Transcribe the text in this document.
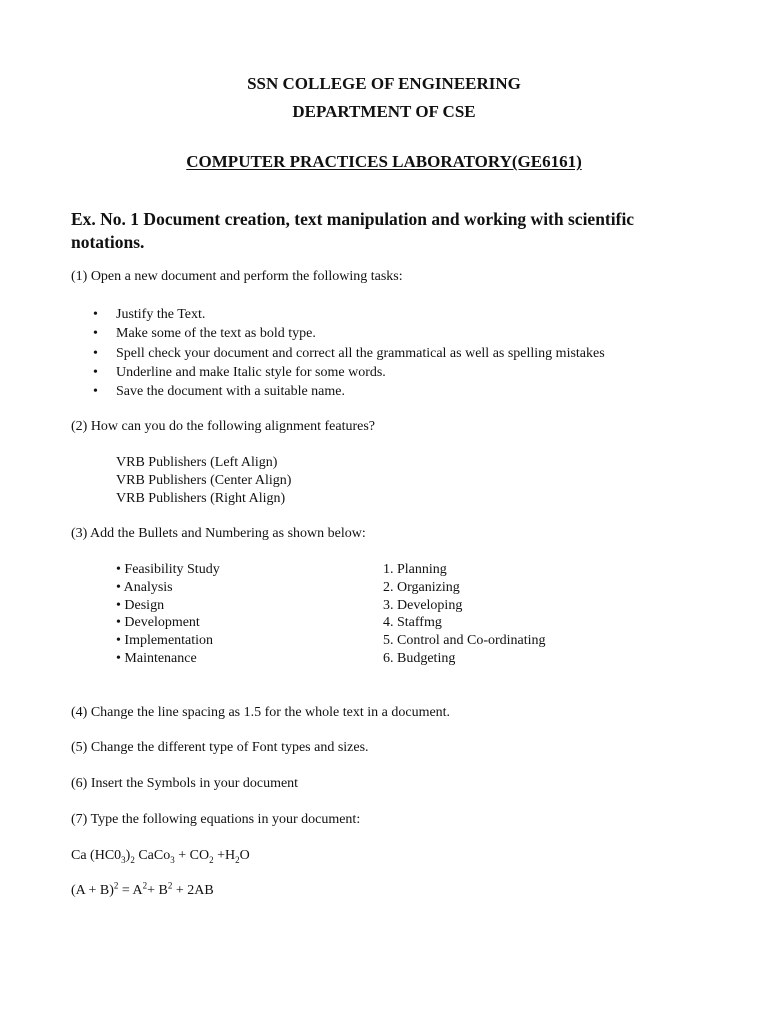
SSN COLLEGE OF ENGINEERING
DEPARTMENT OF CSE
COMPUTER PRACTICES LABORATORY(GE6161)
Ex. No. 1 Document creation, text manipulation and working with scientific notations.
(1) Open a new document and perform the following tasks:
• Justify the Text.
• Make some of the text as bold type.
• Spell check your document and correct all the grammatical as well as spelling mistakes
• Underline and make Italic style for some words.
• Save the document with a suitable name.
(2) How can you do the following alignment features?
VRB Publishers (Left Align)
VRB Publishers (Center Align)
VRB Publishers (Right Align)
(3) Add the Bullets and Numbering as shown below:
• Feasibility Study
• Analysis
• Design
• Development
• Implementation
• Maintenance
1. Planning
2. Organizing
3. Developing
4. Staffmg
5. Control and Co-ordinating
6. Budgeting
(4) Change the line spacing as 1.5 for the whole text in a document.
(5) Change the different type of Font types and sizes.
(6) Insert the Symbols in your document
(7) Type the following equations in your document:
Ca $(HC0_3)_2$ CaCo$_3$ + $CO_2 +H_2O$
$(A + B)^2 = A^2+ B^2 + 2AB$
